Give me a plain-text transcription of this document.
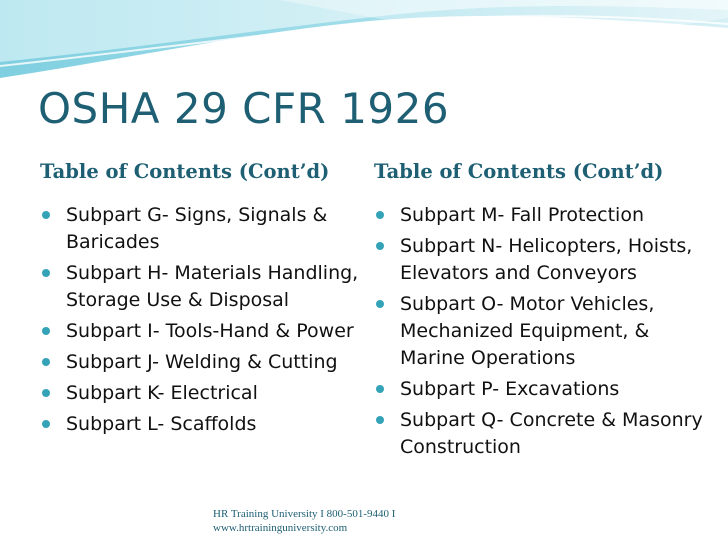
OSHA 29 CFR 1926
Table of Contents (Cont’d) Table of Contents (Cont’d)
Subpart G- Signs, Signals & Baricades
Subpart H- Materials Handling, Storage Use & Disposal
Subpart I- Tools-Hand & Power
Subpart J- Welding & Cutting
Subpart K- Electrical
Subpart L- Scaffolds
Subpart M- Fall Protection
Subpart N- Helicopters, Hoists, Elevators and Conveyors
Subpart O- Motor Vehicles, Mechanized Equipment, & Marine Operations
Subpart P- Excavations
Subpart Q- Concrete & Masonry Construction
HR Training University I 800-501-9440 I
www.hrtraininguniversity.com
